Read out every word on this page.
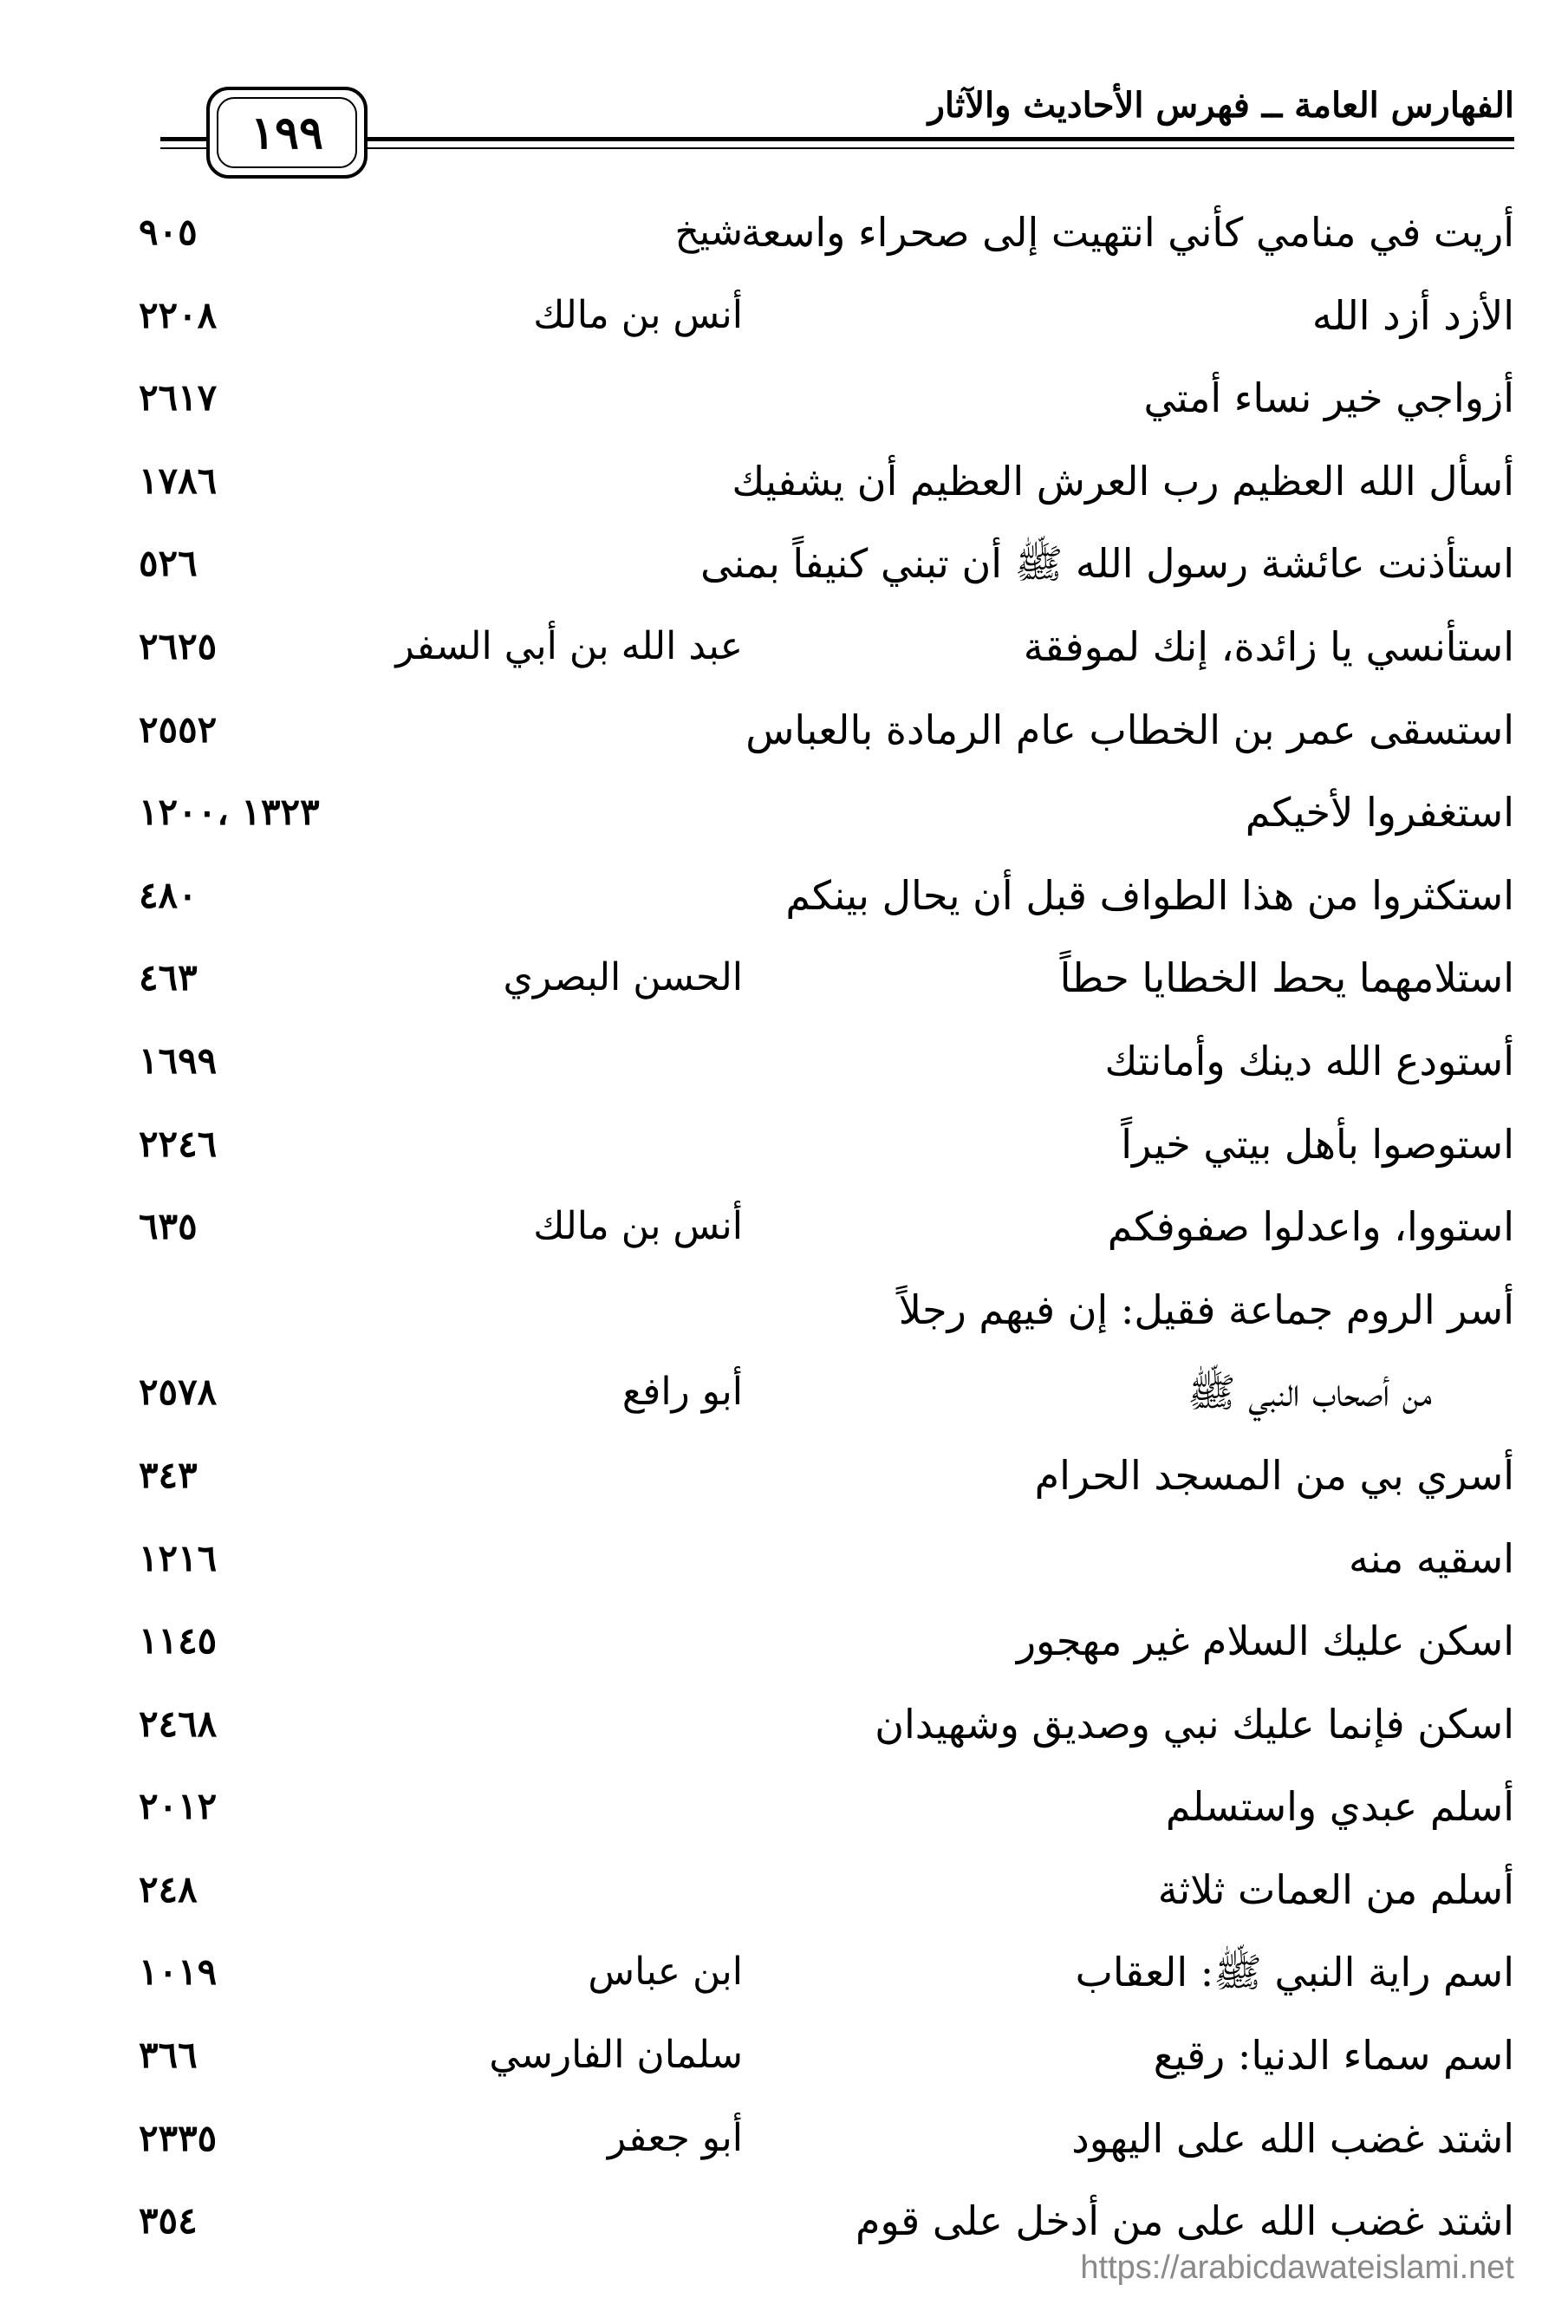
الفهارس العامة ــ فهرس الأحاديث والآثار
١٩٩
أريت في منامي كأني انتهيت إلى صحراء واسعة
شيخ
٩٠٥
الأزد أزد الله
أنس بن مالك
٢٢٠٨
أزواجي خير نساء أمتي
٢٦١٧
أسأل الله العظيم رب العرش العظيم أن يشفيك
١٧٨٦
استأذنت عائشة رسول الله ﷺ أن تبني كنيفاً بمنى
٥٢٦
استأنسي يا زائدة، إنك لموفقة
عبد الله بن أبي السفر
٢٦٢٥
استسقى عمر بن الخطاب عام الرمادة بالعباس
٢٥٥٢
استغفروا لأخيكم
١٣٢٣ ،١٢٠٠
استكثروا من هذا الطواف قبل أن يحال بينكم
٤٨٠
استلامهما يحط الخطايا حطاً
الحسن البصري
٤٦٣
أستودع الله دينك وأمانتك
١٦٩٩
استوصوا بأهل بيتي خيراً
٢٢٤٦
استووا، واعدلوا صفوفكم
أنس بن مالك
٦٣٥
أسر الروم جماعة فقيل: إن فيهم رجلاً
من أصحاب النبي ﷺ
أبو رافع
٢٥٧٨
أسري بي من المسجد الحرام
٣٤٣
اسقيه منه
١٢١٦
اسكن عليك السلام غير مهجور
١١٤٥
اسكن فإنما عليك نبي وصديق وشهيدان
٢٤٦٨
أسلم عبدي واستسلم
٢٠١٢
أسلم من العمات ثلاثة
٢٤٨
اسم راية النبي ﷺ: العقاب
ابن عباس
١٠١٩
اسم سماء الدنيا: رقيع
سلمان الفارسي
٣٦٦
اشتد غضب الله على اليهود
أبو جعفر
٢٣٣٥
اشتد غضب الله على من أدخل على قوم
٣٥٤
https://arabicdawateislami.net
